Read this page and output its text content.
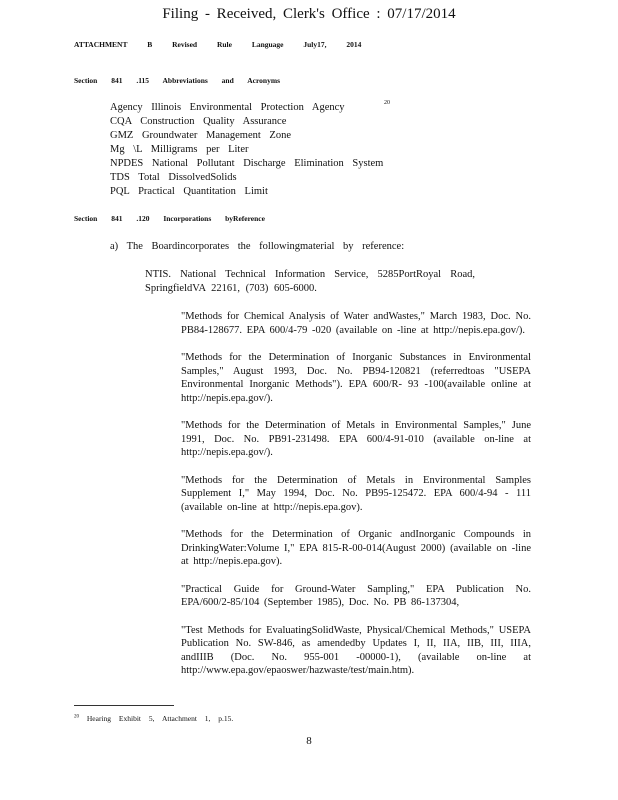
Filing - Received, Clerk's Office : 07/17/2014
ATTACHMENT B Revised Rule Language July17, 2014
Section 841 .115 Abbreviations and Acronyms
Agency Illinois Environmental Protection Agency
CQA Construction Quality Assurance
GMZ Groundwater Management Zone
Mg \L Milligrams per Liter
NPDES National Pollutant Discharge Elimination System
TDS Total DissolvedSolids
PQL Practical Quantitation Limit
20
Section 841 .120 Incorporations byReference
a) The Boardincorporates the followingmaterial by reference:
NTIS. National Technical Information Service, 5285PortRoyal Road, SpringfieldVA 22161, (703) 605-6000.

"Methods for Chemical Analysis of Water andWastes," March 1983, Doc. No. PB84-128677. EPA 600/4-79 -020 (available on -line at http://nepis.epa.gov/).

"Methods for the Determination of Inorganic Substances in Environmental Samples," August 1993, Doc. No. PB94-120821 (referredtoas "USEPA Environmental Inorganic Methods"). EPA 600/R- 93 -100(available online at http://nepis.epa.gov/).

"Methods for the Determination of Metals in Environmental Samples," June 1991, Doc. No. PB91-231498. EPA 600/4-91-010 (available on-line at http://nepis.epa.gov/).

"Methods for the Determination of Metals in Environmental Samples Supplement I," May 1994, Doc. No. PB95-125472. EPA 600/4-94 - 111 (available on-line at http://nepis.epa.gov).

"Methods for the Determination of Organic andInorganic Compounds in DrinkingWater:Volume I," EPA 815-R-00-014(August 2000) (available on -line at http://nepis.epa.gov).

"Practical Guide for Ground-Water Sampling," EPA Publication No. EPA/600/2-85/104 (September 1985), Doc. No. PB 86-137304,

"Test Methods for EvaluatingSolidWaste, Physical/Chemical Methods," USEPA Publication No. SW-846, as amendedby Updates I, II, IIA, IIB, III, IIIA, andIIIB (Doc. No. 955-001 -00000-1), (available on-line at http://www.epa.gov/epaoswer/hazwaste/test/main.htm).

$^{20}$ Hearing Exhibit 5, Attachment 1, p.15.
8
